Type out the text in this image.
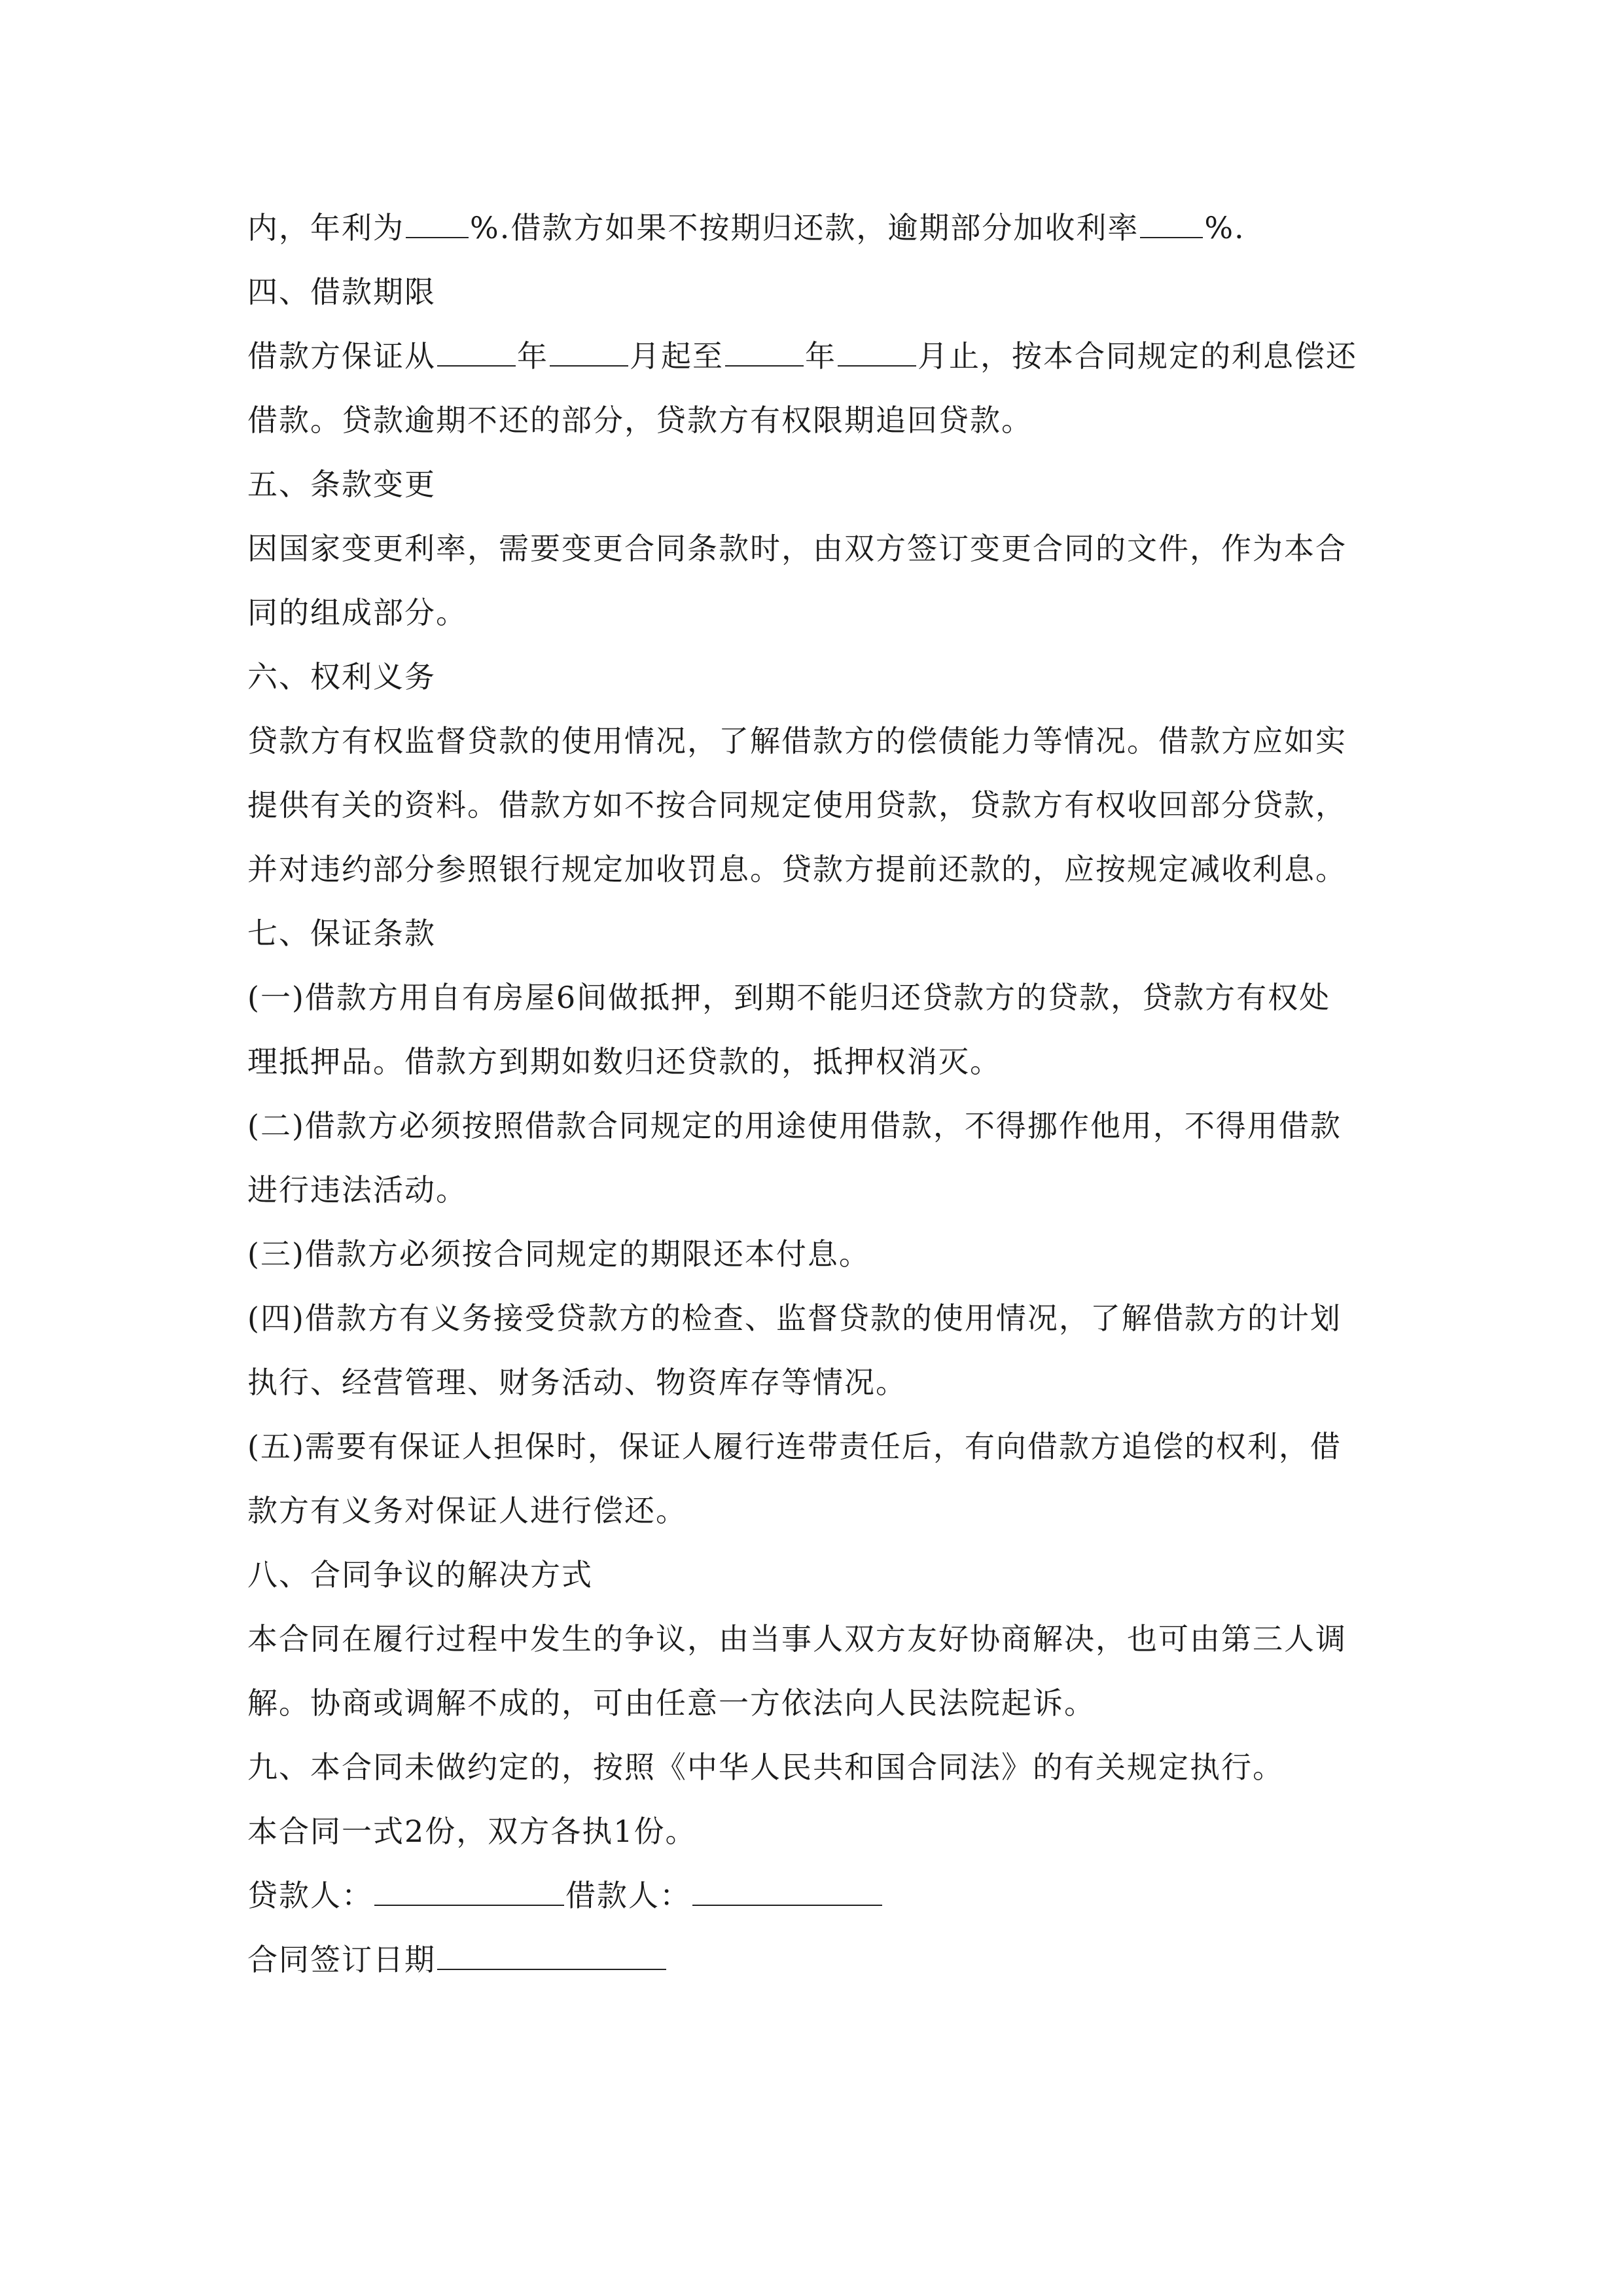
内，年利为 %.借款方如果不按期归还款，逾期部分加收利率 %.
四、借款期限
借款方保证从	年	月起至	年	月止，按本合同规定的利息偿还
借款。贷款逾期不还的部分，贷款方有权限期追回贷款。
五、条款变更
因国家变更利率，需要变更合同条款时，由双方签订变更合同的文件，作为本合
同的组成部分。
六、权利义务
贷款方有权监督贷款的使用情况，了解借款方的偿债能力等情况。借款方应如实
提供有关的资料。借款方如不按合同规定使用贷款，贷款方有权收回部分贷款，
并对违约部分参照银行规定加收罚息。贷款方提前还款的，应按规定减收利息。
七、保证条款
(一)借款方用自有房屋6间做抵押，到期不能归还贷款方的贷款，贷款方有权处
理抵押品。借款方到期如数归还贷款的，抵押权消灭。
(二)借款方必须按照借款合同规定的用途使用借款，不得挪作他用，不得用借款
进行违法活动。
(三)借款方必须按合同规定的期限还本付息。
(四)借款方有义务接受贷款方的检查、监督贷款的使用情况，了解借款方的计划
执行、经营管理、财务活动、物资库存等情况。
(五)需要有保证人担保时，保证人履行连带责任后，有向借款方追偿的权利，借
款方有义务对保证人进行偿还。
八、合同争议的解决方式
本合同在履行过程中发生的争议，由当事人双方友好协商解决，也可由第三人调
解。协商或调解不成的，可由任意一方依法向人民法院起诉。
九、本合同未做约定的，按照《中华人民共和国合同法》的有关规定执行。
本合同一式2份，双方各执1份。
贷款人：	借款人：
合同签订日期
